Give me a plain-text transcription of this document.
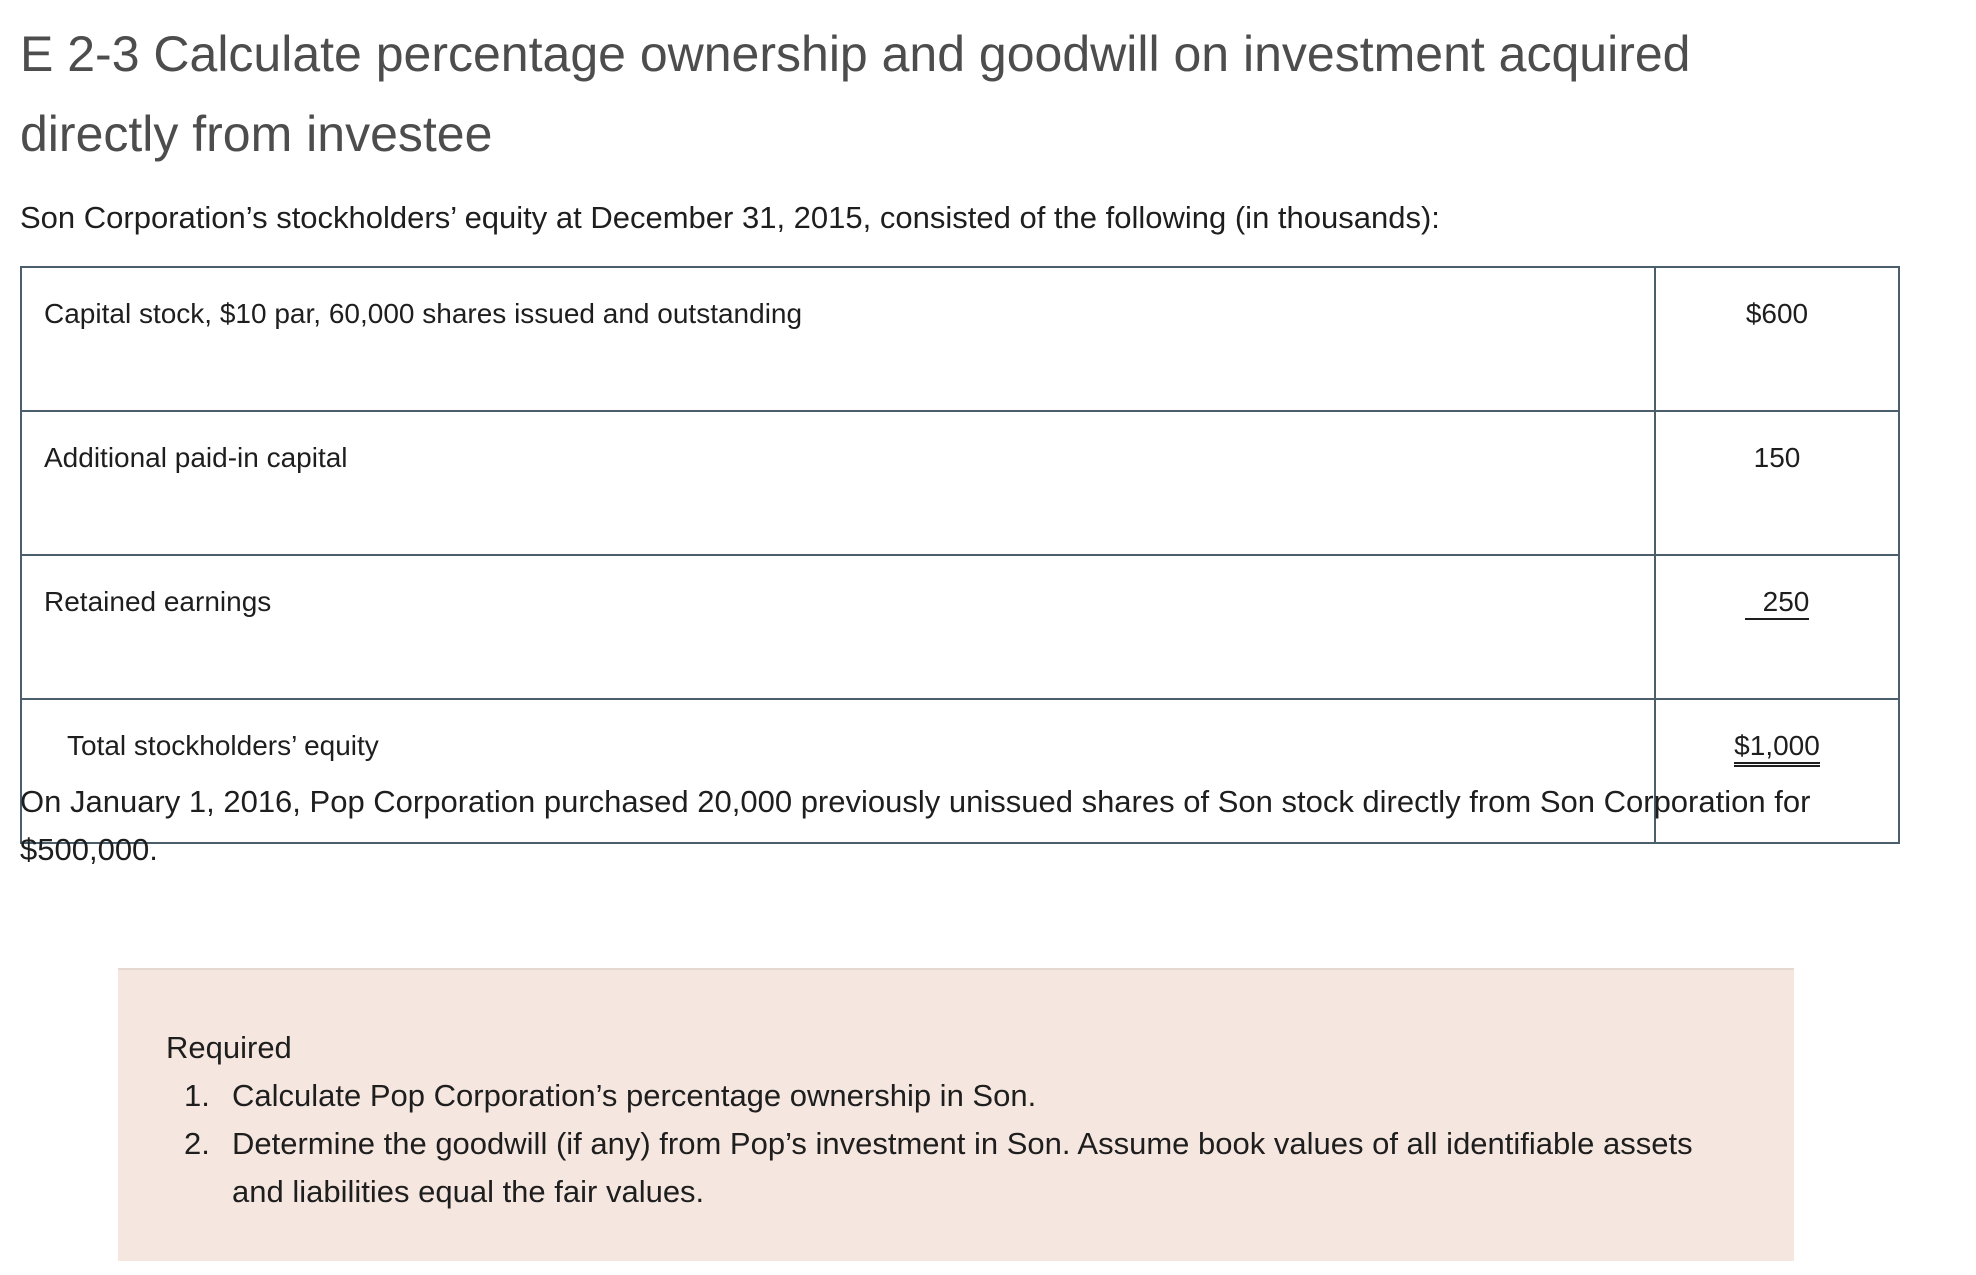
E 2-3 Calculate percentage ownership and goodwill on investment acquired directly from investee

Son Corporation’s stockholders’ equity at December 31, 2015, consisted of the following (in thousands):

Capital stock, $10 par, 60,000 shares issued and outstanding	$600
Additional paid-in capital	150
Retained earnings	250
Total stockholders’ equity	$1,000

On January 1, 2016, Pop Corporation purchased 20,000 previously unissued shares of Son stock directly from Son Corporation for $500,000.

Required

1. Calculate Pop Corporation’s percentage ownership in Son.
2. Determine the goodwill (if any) from Pop’s investment in Son. Assume book values of all identifiable assets and liabilities equal the fair values.
